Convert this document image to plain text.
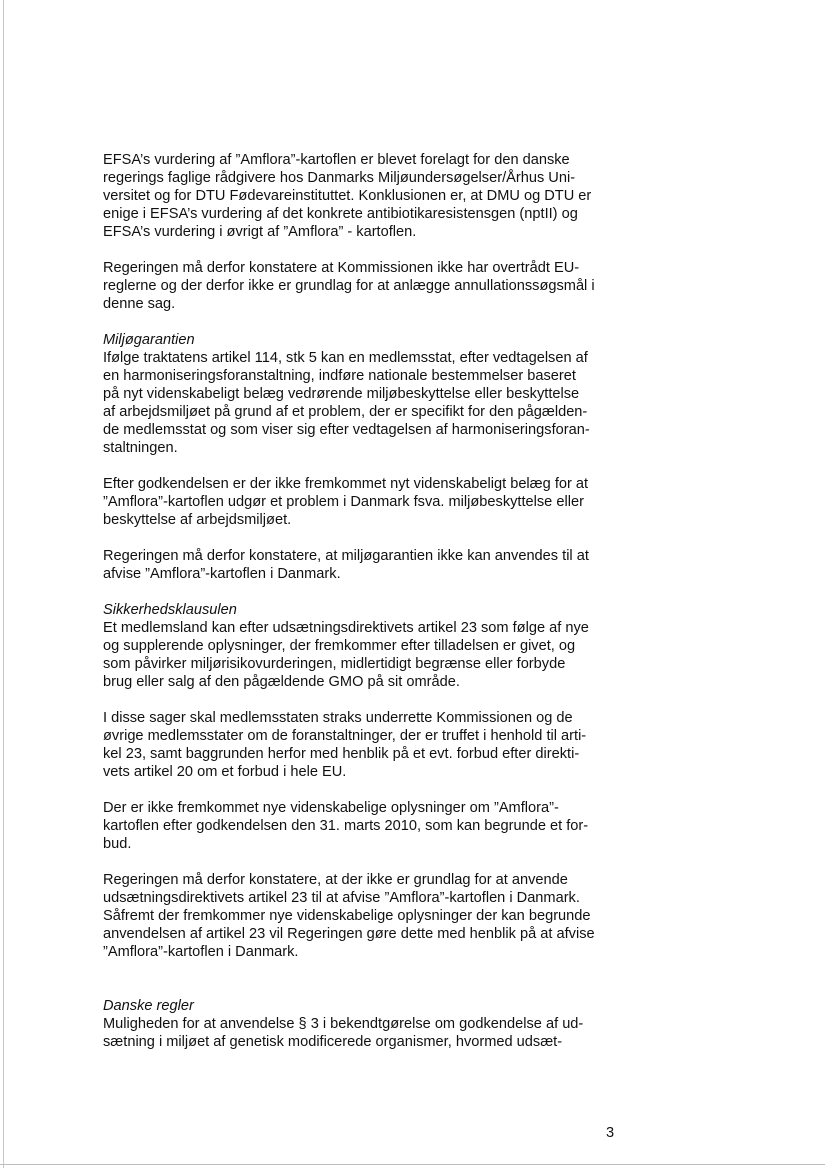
EFSA’s vurdering af ”Amflora”-kartoflen er blevet forelagt for den danske
regerings faglige rådgivere hos Danmarks Miljøundersøgelser/Århus Uni-
versitet og for DTU Fødevareinstituttet. Konklusionen er, at DMU og DTU er
enige i EFSA’s vurdering af det konkrete antibiotikaresistensgen (nptII) og
EFSA’s vurdering i øvrigt af ”Amflora” - kartoflen.

Regeringen må derfor konstatere at Kommissionen ikke har overtrådt EU-
reglerne og der derfor ikke er grundlag for at anlægge annullationssøgsmål i
denne sag.

Miljøgarantien
Ifølge traktatens artikel 114, stk 5 kan en medlemsstat, efter vedtagelsen af
en harmoniseringsforanstaltning, indføre nationale bestemmelser baseret
på nyt videnskabeligt belæg vedrørende miljøbeskyttelse eller beskyttelse
af arbejdsmiljøet på grund af et problem, der er specifikt for den pågælden-
de medlemsstat og som viser sig efter vedtagelsen af harmoniseringsforan-
staltningen.

Efter godkendelsen er der ikke fremkommet nyt videnskabeligt belæg for at
”Amflora”-kartoflen udgør et problem i Danmark fsva. miljøbeskyttelse eller
beskyttelse af arbejdsmiljøet.

Regeringen må derfor konstatere, at miljøgarantien ikke kan anvendes til at
afvise ”Amflora”-kartoflen i Danmark.

Sikkerhedsklausulen
Et medlemsland kan efter udsætningsdirektivets artikel 23 som følge af nye
og supplerende oplysninger, der fremkommer efter tilladelsen er givet, og
som påvirker miljørisikovurderingen, midlertidigt begrænse eller forbyde
brug eller salg af den pågældende GMO på sit område.

I disse sager skal medlemsstaten straks underrette Kommissionen og de
øvrige medlemsstater om de foranstaltninger, der er truffet i henhold til arti-
kel 23, samt baggrunden herfor med henblik på et evt. forbud efter direkti-
vets artikel 20 om et forbud i hele EU.

Der er ikke fremkommet nye videnskabelige oplysninger om ”Amflora”-
kartoflen efter godkendelsen den 31. marts 2010, som kan begrunde et for-
bud.

Regeringen må derfor konstatere, at der ikke er grundlag for at anvende
udsætningsdirektivets artikel 23 til at afvise ”Amflora”-kartoflen i Danmark.
Såfremt der fremkommer nye videnskabelige oplysninger der kan begrunde
anvendelsen af artikel 23 vil Regeringen gøre dette med henblik på at afvise
”Amflora”-kartoflen i Danmark.

Danske regler
Muligheden for at anvendelse § 3 i bekendtgørelse om godkendelse af ud-
sætning i miljøet af genetisk modificerede organismer, hvormed udsæt-

3
